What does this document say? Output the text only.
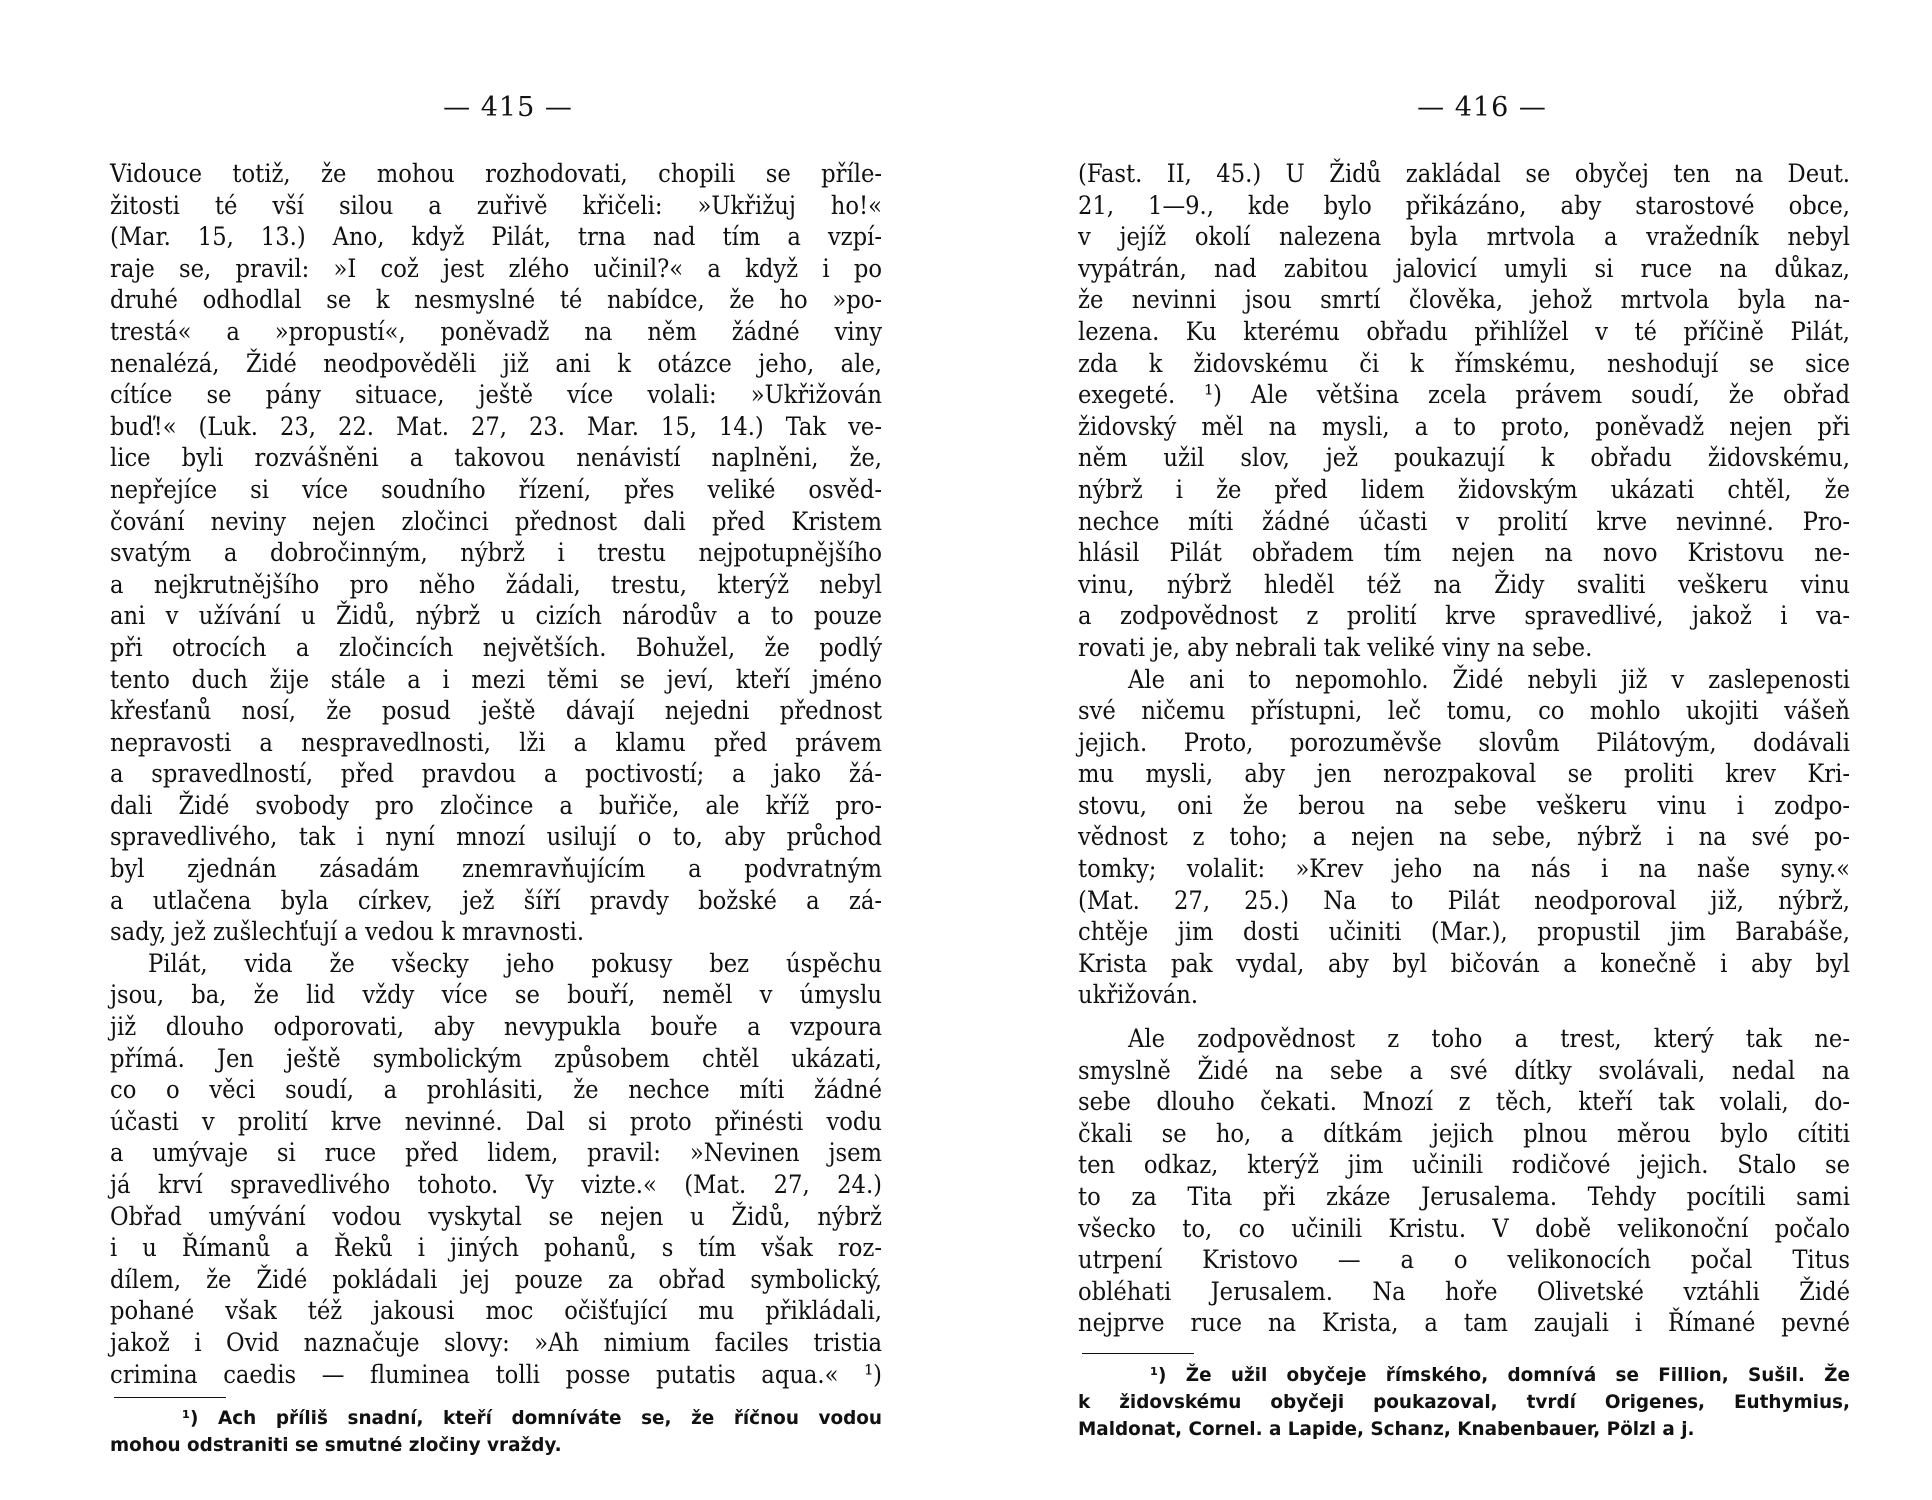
— 415 —
Vidouce totiž, že mohou rozhodovati, chopili se příle-
žitosti té vší silou a zuřivě křičeli: »Ukřižuj ho!«
(Mar. 15, 13.) Ano, když Pilát, trna nad tím a vzpí-
raje se, pravil: »I což jest zlého učinil?« a když i po
druhé odhodlal se k nesmyslné té nabídce, že ho »po-
trestá« a »propustí«, poněvadž na něm žádné viny
nenalézá, Židé neodpověděli již ani k otázce jeho, ale,
cítíce se pány situace, ještě více volali: »Ukřižován
buď!« (Luk. 23, 22. Mat. 27, 23. Mar. 15, 14.) Tak ve-
lice byli rozvášněni a takovou nenávistí naplněni, že,
nepřejíce si více soudního řízení, přes veliké osvěd-
čování neviny nejen zločinci přednost dali před Kristem
svatým a dobročinným, nýbrž i trestu nejpotupnějšího
a nejkrutnějšího pro něho žádali, trestu, kterýž nebyl
ani v užívání u Židů, nýbrž u cizích národův a to pouze
při otrocích a zločincích největších. Bohužel, že podlý
tento duch žije stále a i mezi těmi se jeví, kteří jméno
křesťanů nosí, že posud ještě dávají nejedni přednost
nepravosti a nespravedlnosti, lži a klamu před právem
a spravedlností, před pravdou a poctivostí; a jako žá-
dali Židé svobody pro zločince a buřiče, ale kříž pro-
spravedlivého, tak i nyní mnozí usilují o to, aby průchod
byl zjednán zásadám znemravňujícím a podvratným
a utlačena byla církev, jež šíří pravdy božské a zá-
sady, jež zušlechťují a vedou k mravnosti.
Pilát, vida že všecky jeho pokusy bez úspěchu
jsou, ba, že lid vždy více se bouří, neměl v úmyslu
již dlouho odporovati, aby nevypukla bouře a vzpoura
přímá. Jen ještě symbolickým způsobem chtěl ukázati,
co o věci soudí, a prohlásiti, že nechce míti žádné
účasti v prolití krve nevinné. Dal si proto přinésti vodu
a umývaje si ruce před lidem, pravil: »Nevinen jsem
já krví spravedlivého tohoto. Vy vizte.« (Mat. 27, 24.)
Obřad umývání vodou vyskytal se nejen u Židů, nýbrž
i u Římanů a Řeků i jiných pohanů, s tím však roz-
dílem, že Židé pokládali jej pouze za obřad symbolický,
pohané však též jakousi moc očišťující mu přikládali,
jakož i Ovid naznačuje slovy: »Ah nimium faciles tristia
crimina caedis — fluminea tolli posse putatis aqua.« ¹)
¹) Ach příliš snadní, kteří domníváte se, že říčnou vodou
mohou odstraniti se smutné zločiny vraždy.
— 416 —
(Fast. II, 45.) U Židů zakládal se obyčej ten na Deut.
21, 1—9., kde bylo přikázáno, aby starostové obce,
v jejíž okolí nalezena byla mrtvola a vražedník nebyl
vypátrán, nad zabitou jalovicí umyli si ruce na důkaz,
že nevinni jsou smrtí člověka, jehož mrtvola byla na-
lezena. Ku kterému obřadu přihlížel v té příčině Pilát,
zda k židovskému či k římskému, neshodují se sice
exegeté. ¹) Ale většina zcela právem soudí, že obřad
židovský měl na mysli, a to proto, poněvadž nejen při
něm užil slov, jež poukazují k obřadu židovskému,
nýbrž i že před lidem židovským ukázati chtěl, že
nechce míti žádné účasti v prolití krve nevinné. Pro-
hlásil Pilát obřadem tím nejen na novo Kristovu ne-
vinu, nýbrž hleděl též na Židy svaliti veškeru vinu
a zodpovědnost z prolití krve spravedlivé, jakož i va-
rovati je, aby nebrali tak veliké viny na sebe.
Ale ani to nepomohlo. Židé nebyli již v zaslepenosti
své ničemu přístupni, leč tomu, co mohlo ukojiti vášeň
jejich. Proto, porozuměvše slovům Pilátovým, dodávali
mu mysli, aby jen nerozpakoval se proliti krev Kri-
stovu, oni že berou na sebe veškeru vinu i zodpo-
vědnost z toho; a nejen na sebe, nýbrž i na své po-
tomky; volalit: »Krev jeho na nás i na naše syny.«
(Mat. 27, 25.) Na to Pilát neodporoval již, nýbrž,
chtěje jim dosti učiniti (Mar.), propustil jim Barabáše,
Krista pak vydal, aby byl bičován a konečně i aby byl
ukřižován.
Ale zodpovědnost z toho a trest, který tak ne-
smyslně Židé na sebe a své dítky svolávali, nedal na
sebe dlouho čekati. Mnozí z těch, kteří tak volali, do-
čkali se ho, a dítkám jejich plnou měrou bylo cítiti
ten odkaz, kterýž jim učinili rodičové jejich. Stalo se
to za Tita při zkáze Jerusalema. Tehdy pocítili sami
všecko to, co učinili Kristu. V době velikonoční počalo
utrpení Kristovo — a o velikonocích počal Titus
obléhati Jerusalem. Na hoře Olivetské vztáhli Židé
nejprve ruce na Krista, a tam zaujali i Římané pevné
¹) Že užil obyčeje římského, domnívá se Fillion, Sušil. Že
k židovskému obyčeji poukazoval, tvrdí Origenes, Euthymius,
Maldonat, Cornel. a Lapide, Schanz, Knabenbauer, Pölzl a j.
